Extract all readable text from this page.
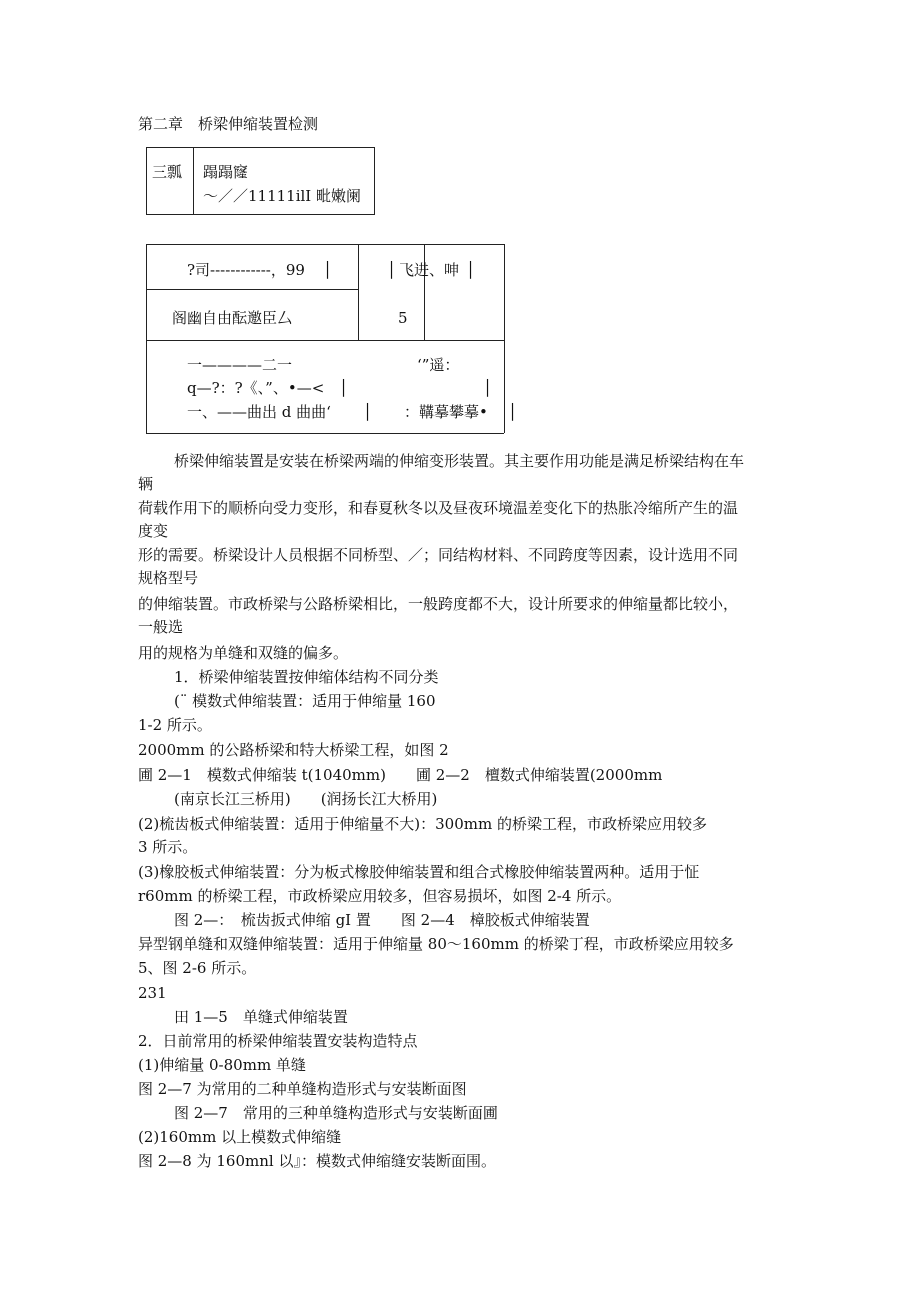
第二章　桥梁伸缩装置检测
三瓢 蹋蹋窿
～／／11111ilI 毗嫩阑
│	│	│
│	│
│	│
?司------------，99	飞进、呻
阁幽自由酝邀臣厶	5
一————二一	‘”遥：
q—?：?《、”、•—<
一、——曲出 d 曲曲‘	：鞲摹攀摹•
桥梁伸缩装置是安装在桥梁两端的伸缩变形装置。其主要作用功能是满足桥梁结构在车
辆
荷载作用下的顺桥向受力变形，和春夏秋冬以及昼夜环境温差变化下的热胀冷缩所产生的温
度变
形的需要。桥梁设计人员根据不同桥型、／；同结构材料、不同跨度等因素，设计选用不同
规格型号
的伸缩装置。市政桥梁与公路桥梁相比，一般跨度都不大，设计所要求的伸缩量都比较小，
一般选
用的规格为单缝和双缝的偏多。
1．桥梁伸缩装置按伸缩体结构不同分类
(¨ 模数式伸缩装置：适用于伸缩量 160
1-2 所示。
2000mm 的公路桥梁和特大桥梁工程，如图 2
圃 2—1　模数式伸缩装 t(1040mm)　　圃 2—2　檀数式伸缩装置(2000mm
(南京长江三桥用)　　(润扬长江大桥用)
(2)梳齿板式伸缩装置：适用于伸缩量不大)：300mm 的桥梁工程，市政桥梁应用较多
3 所示。
(3)橡胶板式伸缩装置：分为板式橡胶伸缩装置和组合式橡胶伸缩装置两种。适用于怔
r60mm 的桥梁工程，市政桥梁应用较多，但容易损坏，如图 2-4 所示。
图 2—：　梳齿扳式伸缩 gI 置　　图 2—4　樟胶板式伸缩装置
异型钢单缝和双缝伸缩装置：适用于伸缩量 80～160mm 的桥梁丁程，市政桥梁应用较多
5、图 2-6 所示。
231
田 1—5　单缝式伸缩装置
2．日前常用的桥梁伸缩装置安装构造特点
(1)伸缩量 0-80mm 单缝
图 2—7 为常用的二种单缝构造形式与安装断面图
图 2—7　常用的三种单缝构造形式与安装断面圃
(2)160mm 以上模数式伸缩缝
图 2—8 为 160mnl 以』：模数式伸缩缝安装断面围。
